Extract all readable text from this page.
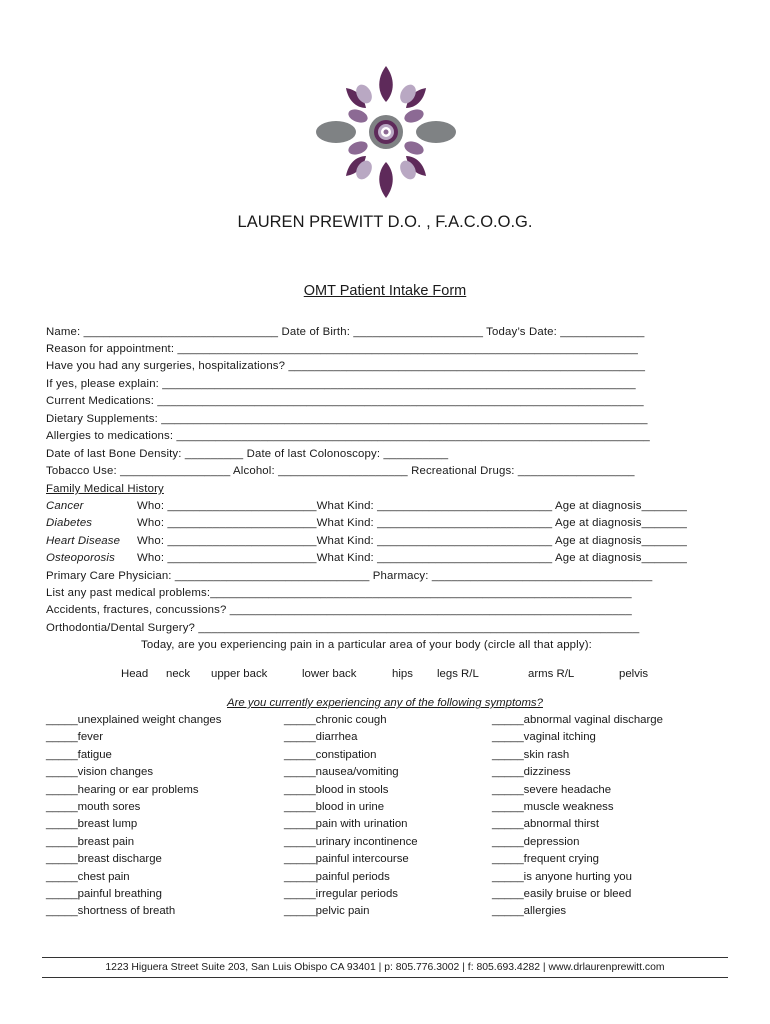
LAUREN PREWITT D.O. , F.A.C.O.O.G.
OMT Patient Intake Form
Name: ______________________________ Date of Birth: ____________________ Today’s Date: _____________
Reason for appointment: _______________________________________________________________________
Have you had any surgeries, hospitalizations? _______________________________________________________
If yes, please explain: _________________________________________________________________________
Current Medications: ___________________________________________________________________________
Dietary Supplements: ___________________________________________________________________________
Allergies to medications: _________________________________________________________________________
Date of last Bone Density: _________ Date of last Colonoscopy: __________
Tobacco Use: _________________ Alcohol: ____________________ Recreational Drugs: __________________
Family Medical History
Cancer	Who: _______________________What Kind: ___________________________ Age at diagnosis_______
Diabetes	Who: _______________________What Kind: ___________________________ Age at diagnosis_______
Heart Disease Who: _______________________What Kind: ___________________________ Age at diagnosis_______
Osteoporosis Who: _______________________What Kind: ___________________________ Age at diagnosis_______
Primary Care Physician: ______________________________ Pharmacy: __________________________________
List any past medical problems:_________________________________________________________________
Accidents, fractures, concussions? ______________________________________________________________
Orthodontia/Dental Surgery? ____________________________________________________________________
Today, are you experiencing pain in a particular area of your body (circle all that apply):
Head neck upper back	lower back	hips legs R/L	arms R/L	pelvis
Are you currently experiencing any of the following symptoms?
_____unexplained weight changes
_____fever
_____fatigue
_____vision changes
_____hearing or ear problems
_____mouth sores
_____breast lump
_____breast pain
_____breast discharge
_____chest pain
_____painful breathing
_____shortness of breath
_____chronic cough
_____diarrhea
_____constipation
_____nausea/vomiting
_____blood in stools
_____blood in urine
_____pain with urination
_____urinary incontinence
_____painful intercourse
_____painful periods
_____irregular periods
_____pelvic pain
_____abnormal vaginal discharge
_____vaginal itching
_____skin rash
_____dizziness
_____severe headache
_____muscle weakness
_____abnormal thirst
_____depression
_____frequent crying
_____is anyone hurting you
_____easily bruise or bleed
_____allergies
1223 Higuera Street Suite 203, San Luis Obispo CA 93401 | p: 805.776.3002 | f: 805.693.4282 | www.drlaurenprewitt.com
